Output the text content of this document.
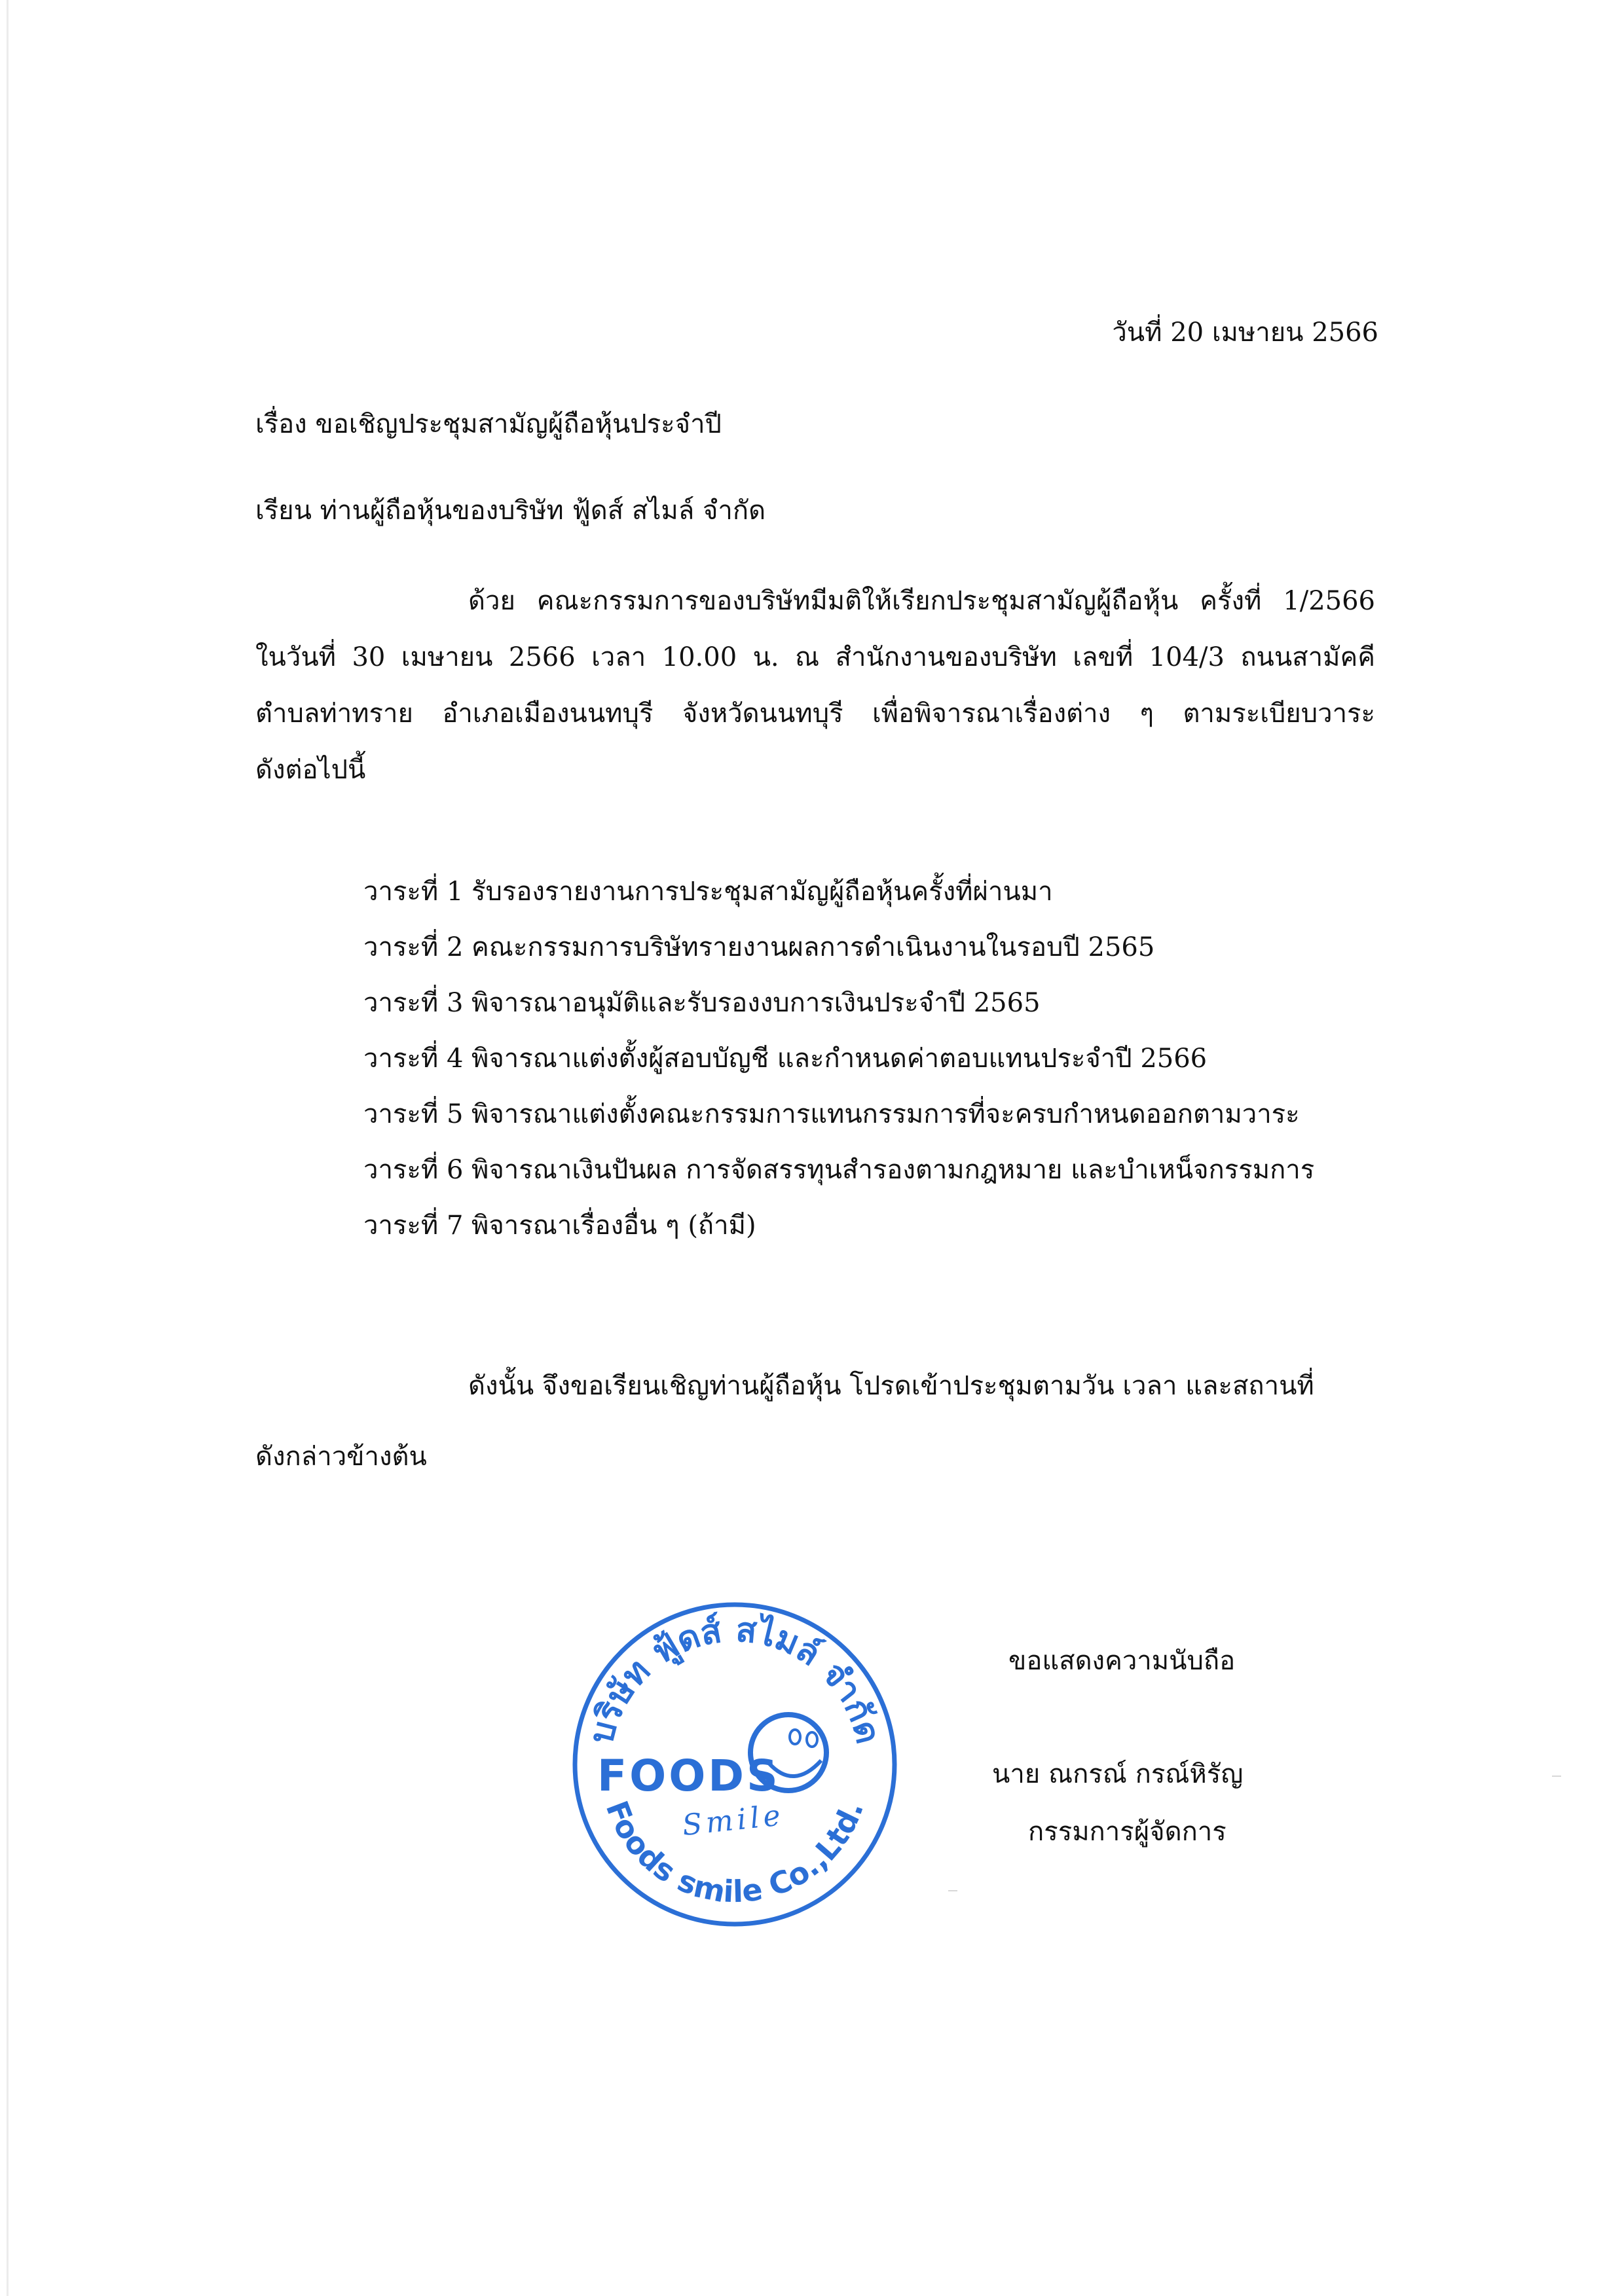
วันที่ 20 เมษายน 2566
เรื่อง ขอเชิญประชุมสามัญผู้ถือหุ้นประจำปี
เรียน ท่านผู้ถือหุ้นของบริษัท ฟู้ดส์ สไมล์ จำกัด
ด้วย คณะกรรมการของบริษัทมีมติให้เรียกประชุมสามัญผู้ถือหุ้น ครั้งที่ 1/2566
ในวันที่ 30 เมษายน 2566 เวลา 10.00 น. ณ สำนักงานของบริษัท เลขที่ 104/3 ถนนสามัคคี
ตำบลท่าทราย อำเภอเมืองนนทบุรี จังหวัดนนทบุรี เพื่อพิจารณาเรื่องต่าง ๆ ตามระเบียบวาระ
ดังต่อไปนี้
วาระที่ 1 รับรองรายงานการประชุมสามัญผู้ถือหุ้นครั้งที่ผ่านมา
วาระที่ 2 คณะกรรมการบริษัทรายงานผลการดำเนินงานในรอบปี 2565
วาระที่ 3 พิจารณาอนุมัติและรับรองงบการเงินประจำปี 2565
วาระที่ 4 พิจารณาแต่งตั้งผู้สอบบัญชี และกำหนดค่าตอบแทนประจำปี 2566
วาระที่ 5 พิจารณาแต่งตั้งคณะกรรมการแทนกรรมการที่จะครบกำหนดออกตามวาระ
วาระที่ 6 พิจารณาเงินปันผล การจัดสรรทุนสำรองตามกฎหมาย และบำเหน็จกรรมการ
วาระที่ 7 พิจารณาเรื่องอื่น ๆ (ถ้ามี)
ดังนั้น จึงขอเรียนเชิญท่านผู้ถือหุ้น โปรดเข้าประชุมตามวัน เวลา และสถานที่
ดังกล่าวข้างต้น
บริษัท ฟู้ดส์ สไมล์ จำกัด
Foods smile Co.,Ltd.
FOODS
Smile
ขอแสดงความนับถือ
นาย ณกรณ์ กรณ์หิรัญ
กรรมการผู้จัดการ
